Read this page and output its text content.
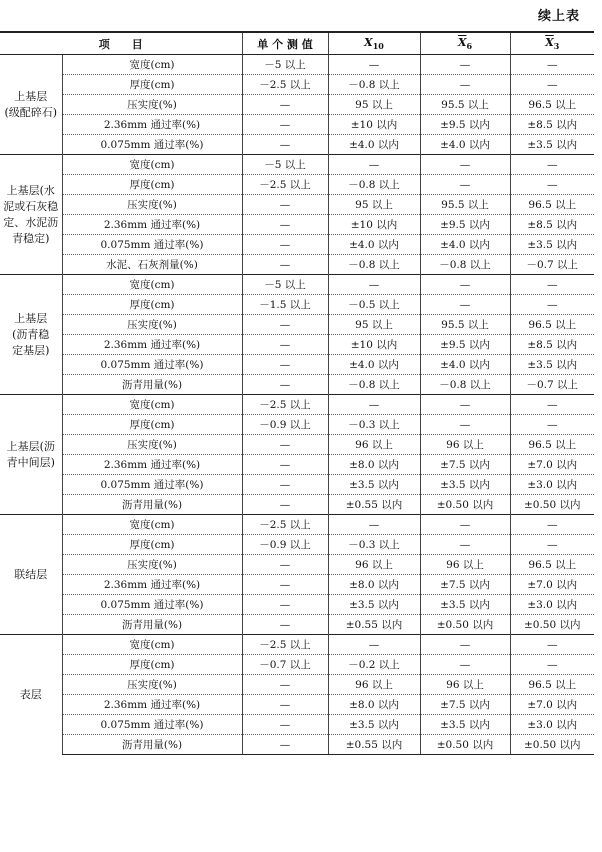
续上表
项　　目		单 个 测 值	$X_{10}$	$\overline{X}_6$	$\overline{X}_3$
上基层
(级配碎石)	宽度(cm)	－5 以上	—	—	—
	厚度(cm)	－2.5 以上	－0.8 以上	—	—
	压实度(%)	—	95 以上	95.5 以上	96.5 以上
	2.36mm 通过率(%)	—	±10 以内	±9.5 以内	±8.5 以内
	0.075mm 通过率(%)	—	±4.0 以内	±4.0 以内	±3.5 以内
上基层(水泥或石灰稳定、水泥沥青稳定)	宽度(cm)	－5 以上	—	—	—
	厚度(cm)	－2.5 以上	－0.8 以上	—	—
	压实度(%)	—	95 以上	95.5 以上	96.5 以上
	2.36mm 通过率(%)	—	±10 以内	±9.5 以内	±8.5 以内
	0.075mm 通过率(%)	—	±4.0 以内	±4.0 以内	±3.5 以内
	水泥、石灰剂量(%)	—	－0.8 以上	－0.8 以上	－0.7 以上
上基层
(沥青稳
定基层)	宽度(cm)	－5 以上	—	—	—
	厚度(cm)	－1.5 以上	－0.5 以上	—	—
	压实度(%)	—	95 以上	95.5 以上	96.5 以上
	2.36mm 通过率(%)	—	±10 以内	±9.5 以内	±8.5 以内
	0.075mm 通过率(%)	—	±4.0 以内	±4.0 以内	±3.5 以内
	沥青用量(%)	—	－0.8 以上	－0.8 以上	－0.7 以上
上基层(沥青中间层)	宽度(cm)	－2.5 以上	—	—	—
	厚度(cm)	－0.9 以上	－0.3 以上	—	—
	压实度(%)	—	96 以上	96 以上	96.5 以上
	2.36mm 通过率(%)	—	±8.0 以内	±7.5 以内	±7.0 以内
	0.075mm 通过率(%)	—	±3.5 以内	±3.5 以内	±3.0 以内
	沥青用量(%)	—	±0.55 以内	±0.50 以内	±0.50 以内
联结层	宽度(cm)	－2.5 以上	—	—	—
	厚度(cm)	－0.9 以上	－0.3 以上	—	—
	压实度(%)	—	96 以上	96 以上	96.5 以上
	2.36mm 通过率(%)	—	±8.0 以内	±7.5 以内	±7.0 以内
	0.075mm 通过率(%)	—	±3.5 以内	±3.5 以内	±3.0 以内
	沥青用量(%)	—	±0.55 以内	±0.50 以内	±0.50 以内
表层	宽度(cm)	－2.5 以上	—	—	—
	厚度(cm)	－0.7 以上	－0.2 以上	—	—
	压实度(%)	—	96 以上	96 以上	96.5 以上
	2.36mm 通过率(%)	—	±8.0 以内	±7.5 以内	±7.0 以内
	0.075mm 通过率(%)	—	±3.5 以内	±3.5 以内	±3.0 以内
	沥青用量(%)	—	±0.55 以内	±0.50 以内	±0.50 以内
